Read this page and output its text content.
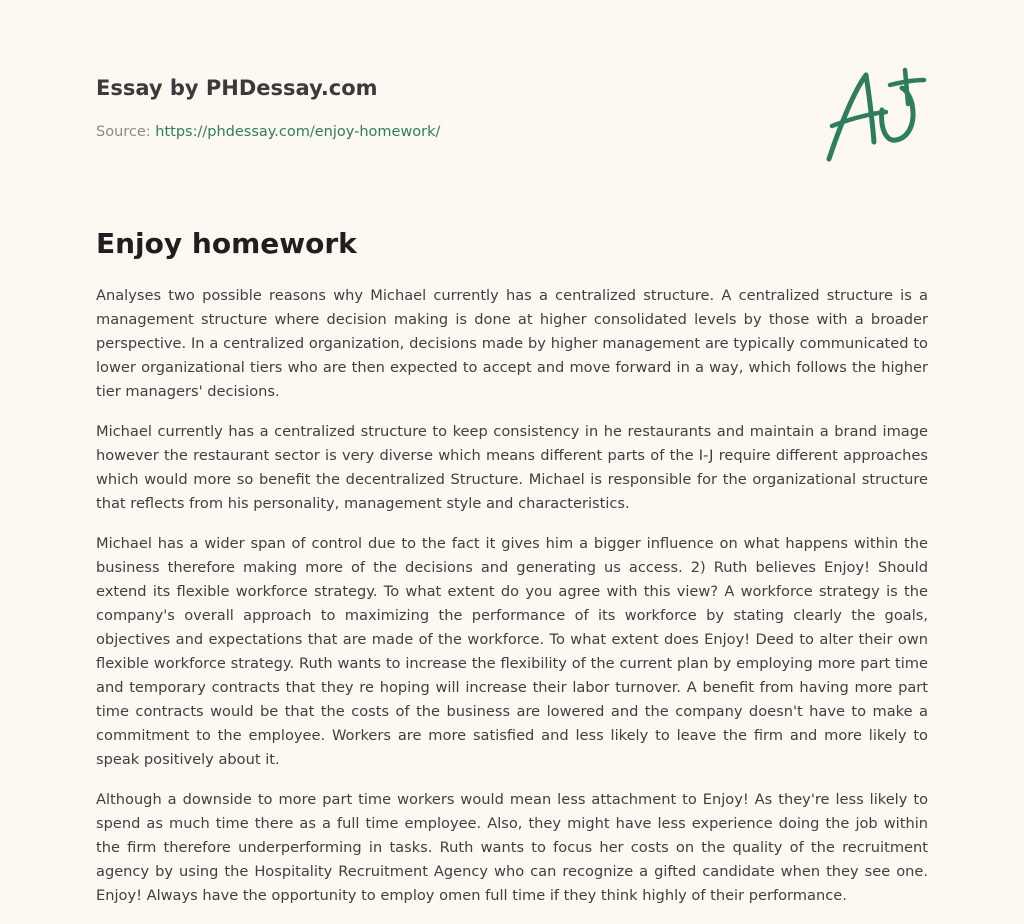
Essay by PHDessay.com
Source: https://phdessay.com/enjoy-homework/
Enjoy homework

Analyses two possible reasons why Michael currently has a centralized structure. A centralized structure is a management structure where decision making is done at higher consolidated levels by those with a broader perspective. In a centralized organization, decisions made by higher management are typically communicated to lower organizational tiers who are then expected to accept and move forward in a way, which follows the higher tier managers' decisions.

Michael currently has a centralized structure to keep consistency in he restaurants and maintain a brand image however the restaurant sector is very diverse which means different parts of the I-J require different approaches which would more so benefit the decentralized Structure. Michael is responsible for the organizational structure that reflects from his personality, management style and characteristics.

Michael has a wider span of control due to the fact it gives him a bigger influence on what happens within the business therefore making more of the decisions and generating us access. 2) Ruth believes Enjoy! Should extend its flexible workforce strategy. To what extent do you agree with this view? A workforce strategy is the company's overall approach to maximizing the performance of its workforce by stating clearly the goals, objectives and expectations that are made of the workforce. To what extent does Enjoy! Deed to alter their own flexible workforce strategy. Ruth wants to increase the flexibility of the current plan by employing more part time and temporary contracts that they re hoping will increase their labor turnover. A benefit from having more part time contracts would be that the costs of the business are lowered and the company doesn't have to make a commitment to the employee. Workers are more satisfied and less likely to leave the firm and more likely to speak positively about it.

Although a downside to more part time workers would mean less attachment to Enjoy! As they're less likely to spend as much time there as a full time employee. Also, they might have less experience doing the job within the firm therefore underperforming in tasks. Ruth wants to focus her costs on the quality of the recruitment agency by using the Hospitality Recruitment Agency who can recognize a gifted candidate when they see one. Enjoy! Always have the opportunity to employ omen full time if they think highly of their performance.
